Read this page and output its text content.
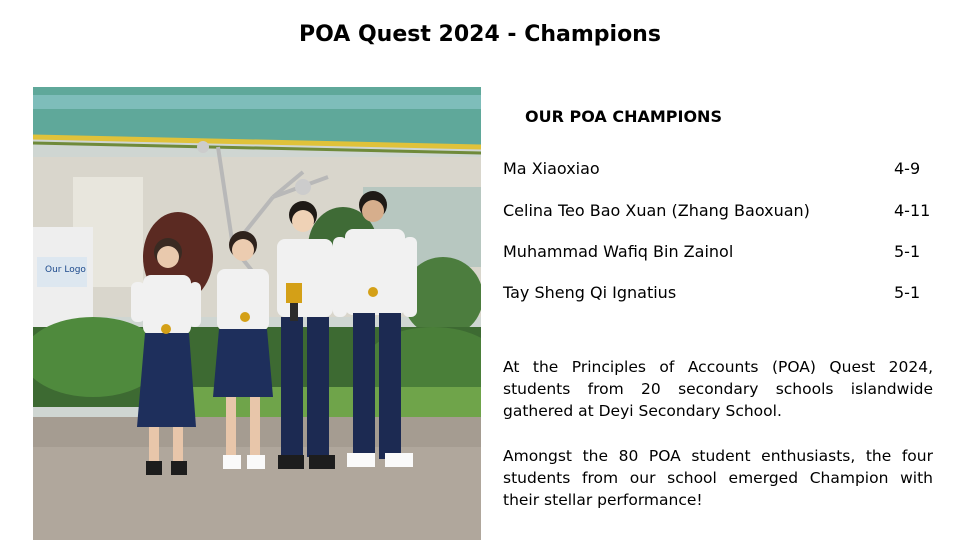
POA Quest 2024 - Champions
Our Logo
OUR POA CHAMPIONS
Ma Xiaoxiao	4-9
Celina Teo Bao Xuan (Zhang Baoxuan)	4-11
Muhammad Wafiq Bin Zainol	5-1
Tay Sheng Qi Ignatius	5-1
At the Principles of Accounts (POA) Quest 2024, students from 20 secondary schools islandwide gathered at Deyi Secondary School.
Amongst the 80 POA student enthusiasts, the four students from our school emerged Champion with their stellar performance!
